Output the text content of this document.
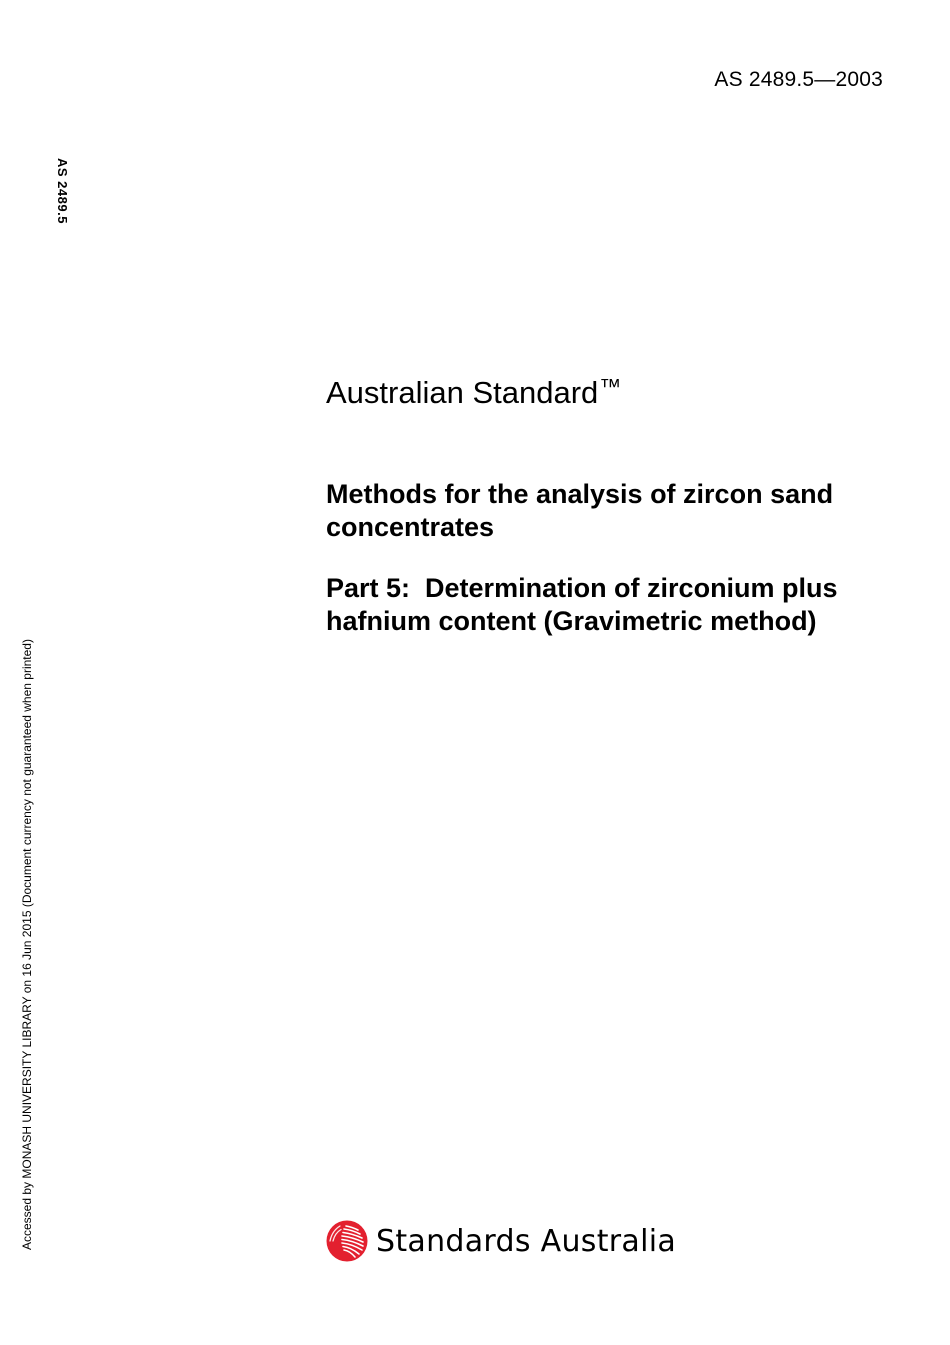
AS 2489.5—2003
AS 2489.5
Accessed by MONASH UNIVERSITY LIBRARY on 16 Jun 2015 (Document currency not guaranteed when printed)
Australian Standard™

Methods for the analysis of zircon sand concentrates

Part 5:  Determination of zirconium plus hafnium content (Gravimetric method)

Standards Australia
